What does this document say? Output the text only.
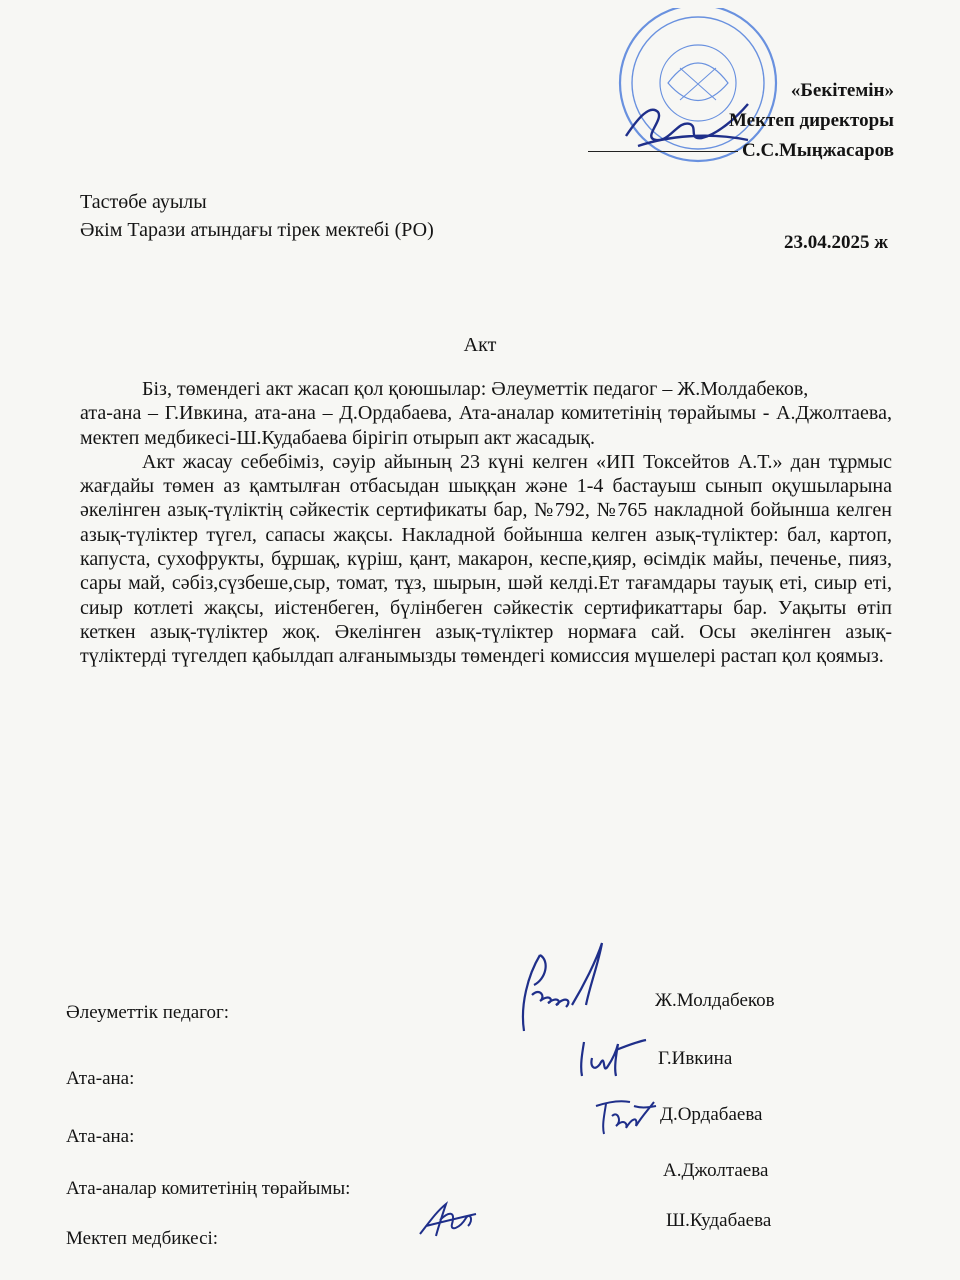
«Бекітемін»
Мектеп директоры
С.С.Мыңжасаров
Тастөбе ауылы
Әкім Тарази атындағы тірек мектебі (РО)
23.04.2025 ж
Акт

Біз, төмендегі акт жасап қол қоюшылар: Әлеуметтік педагог – Ж.Молдабеков,

ата-ана – Г.Ивкина, ата-ана – Д.Ордабаева, Ата-аналар комитетінің төрайымы - А.Джолтаева, мектеп медбикесі-Ш.Кудабаева бірігіп отырып акт жасадық.

Акт жасау себебіміз, сәуір айының 23 күні келген «ИП Токсейтов А.Т.» дан тұрмыс жағдайы төмен аз қамтылған отбасыдан шыққан және 1-4 бастауыш сынып оқушыларына әкелінген азық-түліктің сәйкестік сертификаты бар, №792, №765 накладной бойынша келген азық-түліктер түгел, сапасы жақсы. Накладной бойынша келген азық-түліктер: бал, картоп, капуста, сухофрукты, бұршақ, күріш, қант, макарон, кеспе,қияр, өсімдік майы, печенье, пияз, сары май, сәбіз,сүзбеше,сыр, томат, тұз, шырын, шәй келді.Ет тағамдары тауық еті, сиыр еті, сиыр котлеті жақсы, иістенбеген, бүлінбеген сәйкестік сертификаттары бар. Уақыты өтіп кеткен азық-түліктер жоқ. Әкелінген азық-түліктер нормаға сай. Осы әкелінген азық-түліктерді түгелдеп қабылдап алғанымызды төмендегі комиссия мүшелері растап қол қоямыз.

Әлеуметтік педагог:
Ата-ана:
Ата-ана:
Ата-аналар комитетінің төрайымы:
Мектеп медбикесі:
Ж.Молдабеков
Г.Ивкина
Д.Ордабаева
А.Джолтаева
Ш.Кудабаева
